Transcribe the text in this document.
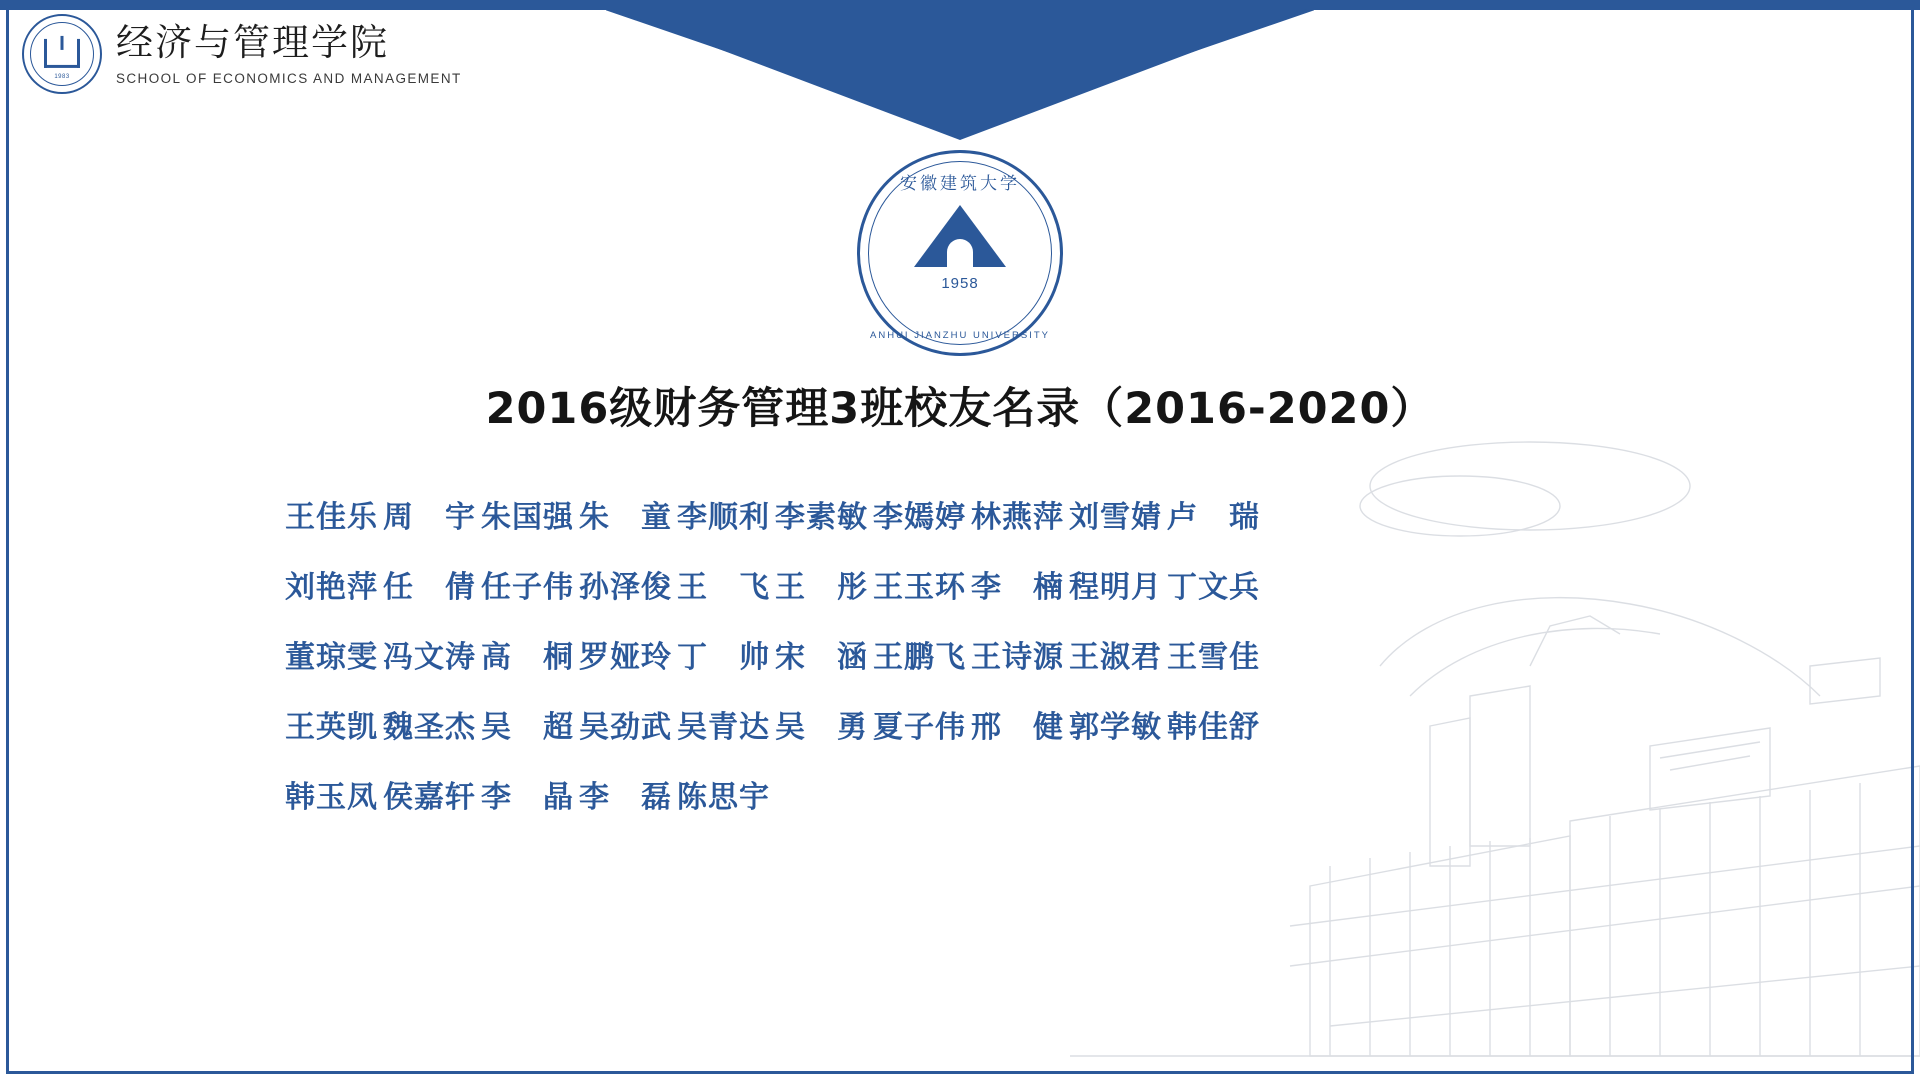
1983
经济与管理学院
SCHOOL OF ECONOMICS AND MANAGEMENT
安徽建筑大学
1958
ANHUI JIANZHU UNIVERSITY
2016级财务管理3班校友名录（2016-2020）
王佳乐 周　宇 朱国强 朱　童 李顺利 李素敏 李嫣婷 林燕萍 刘雪婧 卢　瑞
刘艳萍 任　倩 任子伟 孙泽俊 王　飞 王　彤 王玉环 李　楠 程明月 丁文兵
董琼雯 冯文涛 高　桐 罗娅玲 丁　帅 宋　涵 王鹏飞 王诗源 王淑君 王雪佳
王英凯 魏圣杰 吴　超 吴劲武 吴青达 吴　勇 夏子伟 邢　健 郭学敏 韩佳舒
韩玉凤 侯嘉轩 李　晶 李　磊 陈思宇
